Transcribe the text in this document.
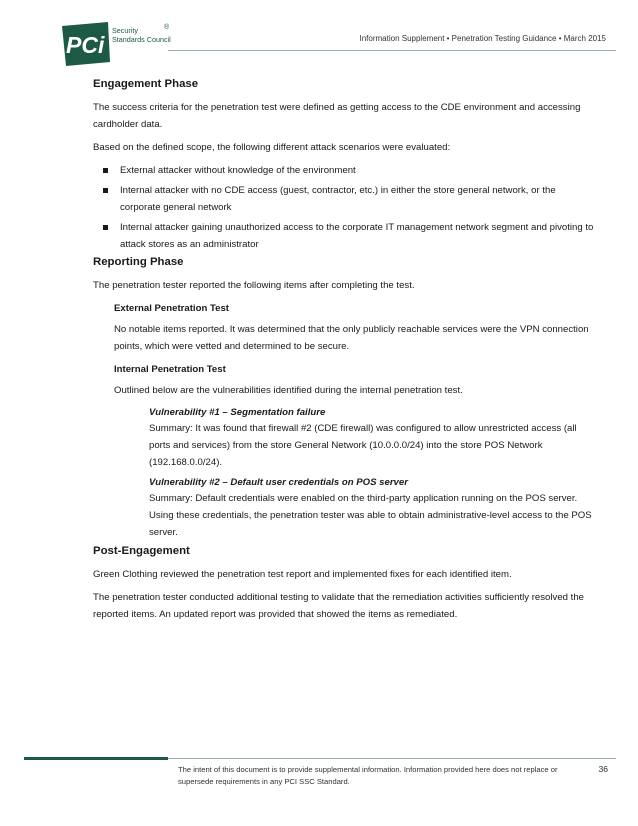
PCi
Security
Standards Council
®
Information Supplement • Penetration Testing Guidance • March 2015
Engagement Phase

The success criteria for the penetration test were defined as getting access to the CDE environment and accessing cardholder data.

Based on the defined scope, the following different attack scenarios were evaluated:

External attacker without knowledge of the environment
Internal attacker with no CDE access (guest, contractor, etc.) in either the store general network, or the corporate general network
Internal attacker gaining unauthorized access to the corporate IT management network segment and pivoting to attack stores as an administrator
Reporting Phase

The penetration tester reported the following items after completing the test.

External Penetration Test

No notable items reported. It was determined that the only publicly reachable services were the VPN connection points, which were vetted and determined to be secure.

Internal Penetration Test

Outlined below are the vulnerabilities identified during the internal penetration test.

Vulnerability #1 – Segmentation failure

Summary: It was found that firewall #2 (CDE firewall) was configured to allow unrestricted access (all ports and services) from the store General Network (10.0.0.0/24) into the store POS Network (192.168.0.0/24).

Vulnerability #2 – Default user credentials on POS server

Summary: Default credentials were enabled on the third-party application running on the POS server. Using these credentials, the penetration tester was able to obtain administrative-level access to the POS server.

Post-Engagement

Green Clothing reviewed the penetration test report and implemented fixes for each identified item.

The penetration tester conducted additional testing to validate that the remediation activities sufficiently resolved the reported items. An updated report was provided that showed the items as remediated.

The intent of this document is to provide supplemental information. Information provided here does not replace or supersede requirements in any PCI SSC Standard.
36
